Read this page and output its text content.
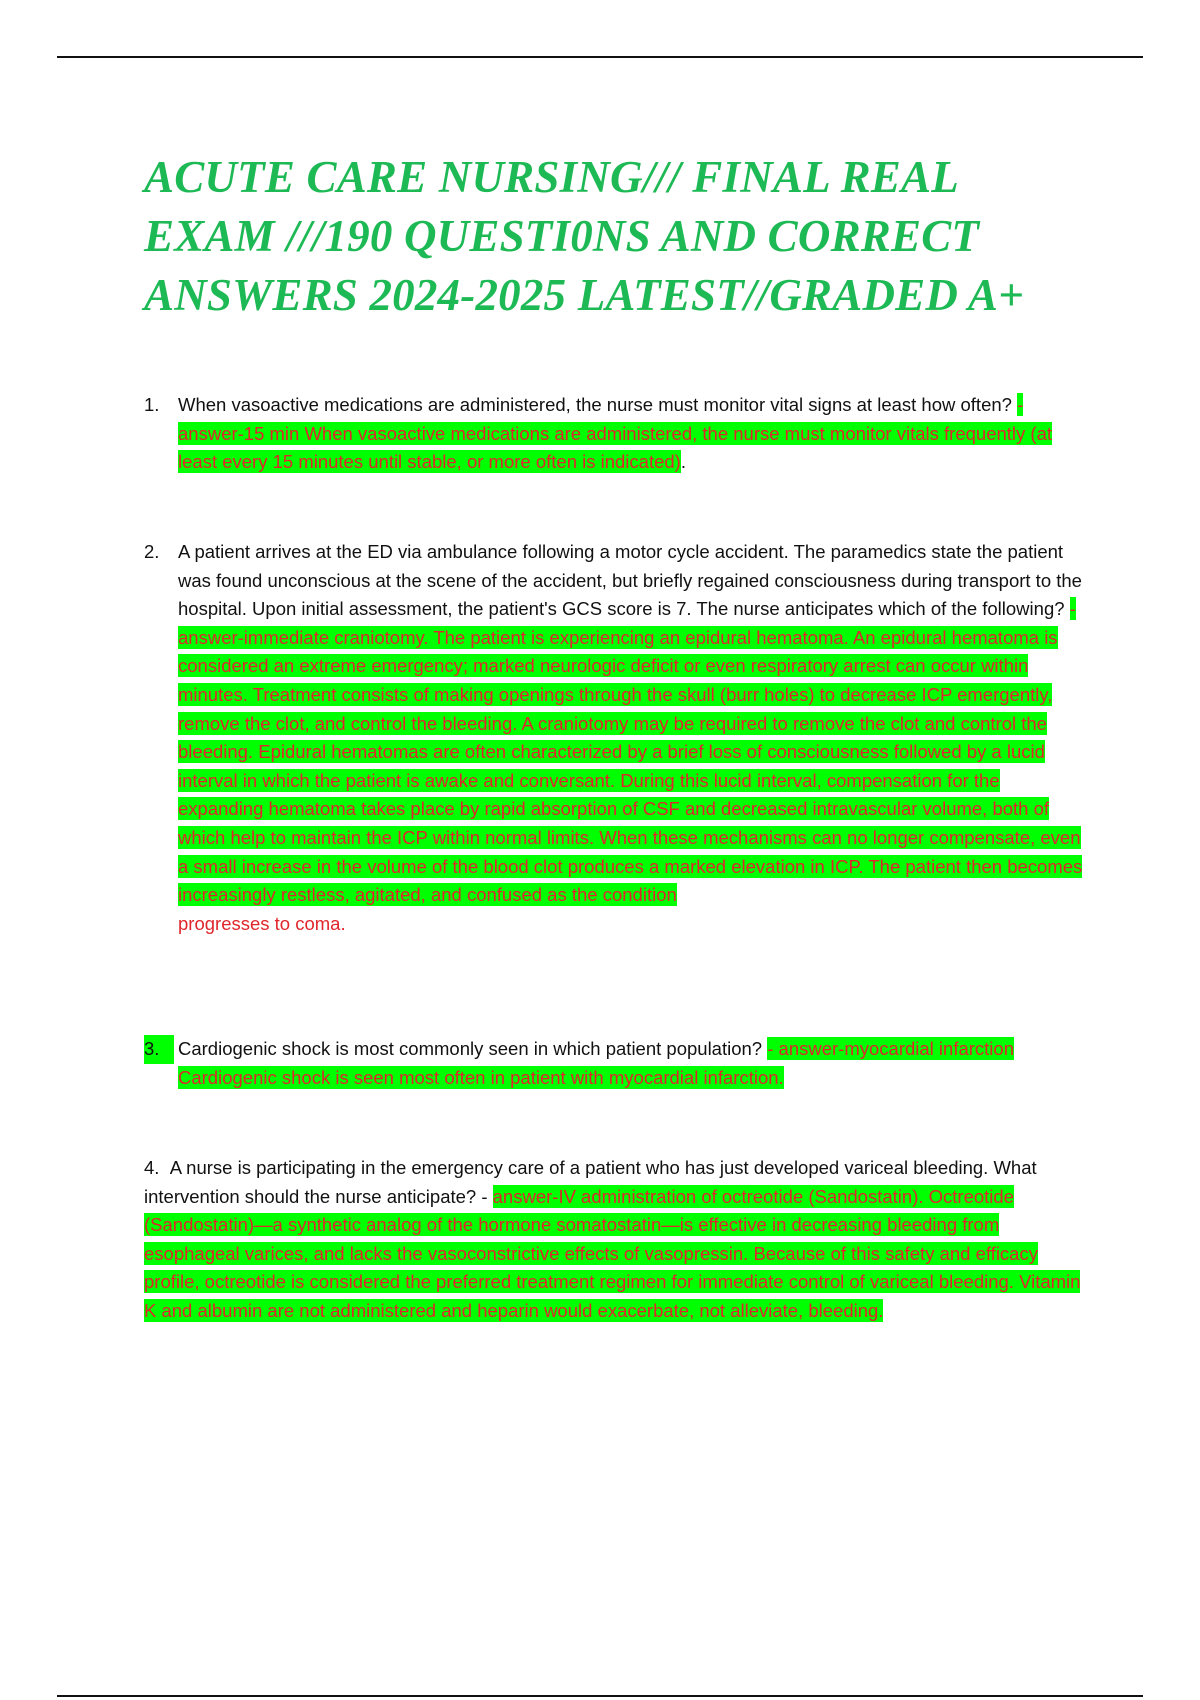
ACUTE CARE NURSING/// FINAL REAL EXAM ///190 QUESTI0NS AND CORRECT ANSWERS 2024-2025 LATEST//GRADED A+
1.	When vasoactive medications are administered, the nurse must monitor vital signs at least how often? - answer-15 min When vasoactive medications are administered, the nurse must monitor vitals frequently (at least every 15 minutes until stable, or more often is indicated).
2.	A patient arrives at the ED via ambulance following a motor cycle accident. The paramedics state the patient was found unconscious at the scene of the accident, but briefly regained consciousness during transport to the hospital. Upon initial assessment, the patient's GCS score is 7. The nurse anticipates which of the following? - answer-immediate craniotomy. The patient is experiencing an epidural hematoma. An epidural hematoma is considered an extreme emergency; marked neurologic deficit or even respiratory arrest can occur within minutes. Treatment consists of making openings through the skull (burr holes) to decrease ICP emergently, remove the clot, and control the bleeding. A craniotomy may be required to remove the clot and control the bleeding. Epidural hematomas are often characterized by a brief loss of consciousness followed by a lucid interval in which the patient is awake and conversant. During this lucid interval, compensation for the expanding hematoma takes place by rapid absorption of CSF and decreased intravascular volume, both of which help to maintain the ICP within normal limits. When these mechanisms can no longer compensate, even a small increase in the volume of the blood clot produces a marked elevation in ICP. The patient then becomes increasingly restless, agitated, and confused as the condition
progresses to coma.
3.	Cardiogenic shock is most commonly seen in which patient population? - answer-myocardial infarction Cardiogenic shock is seen most often in patient with myocardial infarction.
4. A nurse is participating in the emergency care of a patient who has just developed variceal bleeding. What intervention should the nurse anticipate? - answer-IV administration of octreotide (Sandostatin). Octreotide (Sandostatin)—a synthetic analog of the hormone somatostatin—is effective in decreasing bleeding from esophageal varices, and lacks the vasoconstrictive effects of vasopressin. Because of this safety and efficacy profile, octreotide is considered the preferred treatment regimen for immediate control of variceal bleeding. Vitamin K and albumin are not administered and heparin would exacerbate, not alleviate, bleeding.
